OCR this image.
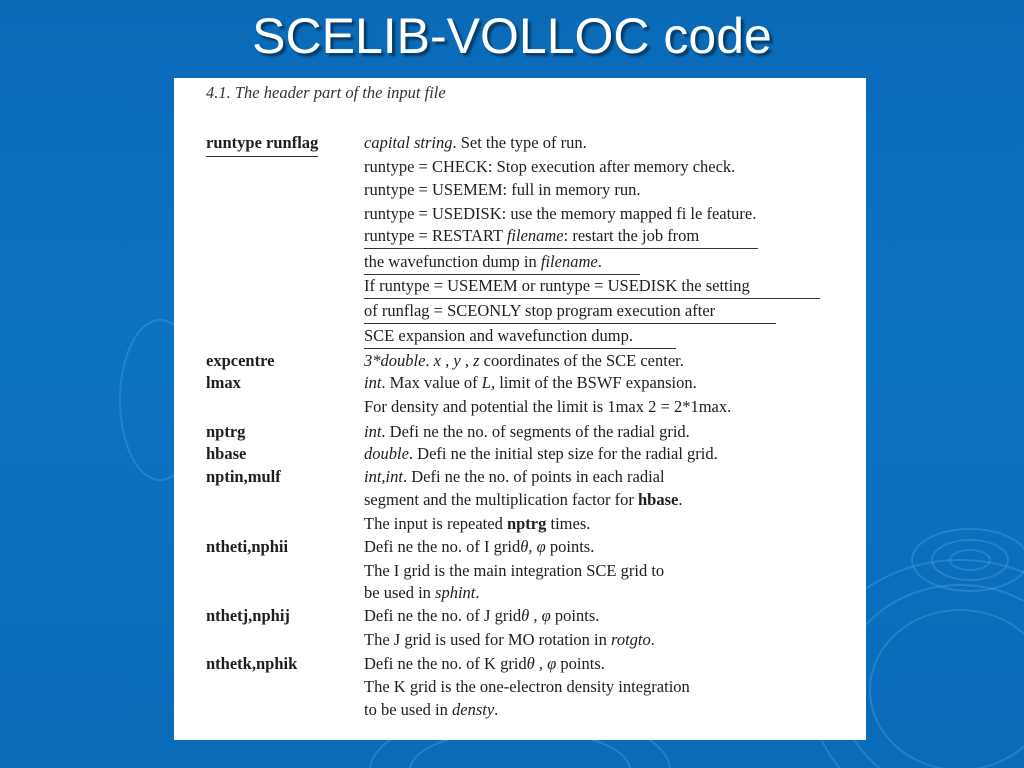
SCELIB-VOLLOC code
4.1. The header part of the input file
runtype runflag
expcentre
lmax
nptrg
hbase
nptin,mulf
ntheti,nphii
nthetj,nphij
nthetk,nphik
capital string. Set the type of run.
runtype = CHECK: Stop execution after memory check.
runtype = USEMEM: full in memory run.
runtype = USEDISK: use the memory mapped fi le feature.
runtype = RESTART filename: restart the job from
the wavefunction dump in filename.
If runtype = USEMEM or runtype = USEDISK the setting
of runflag = SCEONLY stop program execution after
SCE expansion and wavefunction dump.
3*double. x , y , z coordinates of the SCE center.
int. Max value of L, limit of the BSWF expansion.
For density and potential the limit is 1max 2 = 2*1max.
int. Defi ne the no. of segments of the radial grid.
double. Defi ne the initial step size for the radial grid.
int,int. Defi ne the no. of points in each radial
segment and the multiplication factor for hbase.
The input is repeated nptrg times.
Defi ne the no. of I gridθ, φ points.
The I grid is the main integration SCE grid to
be used in sphint.
Defi ne the no. of J gridθ , φ points.
The J grid is used for MO rotation in rotgto.
Defi ne the no. of K gridθ , φ points.
The K grid is the one-electron density integration
to be used in densty.
